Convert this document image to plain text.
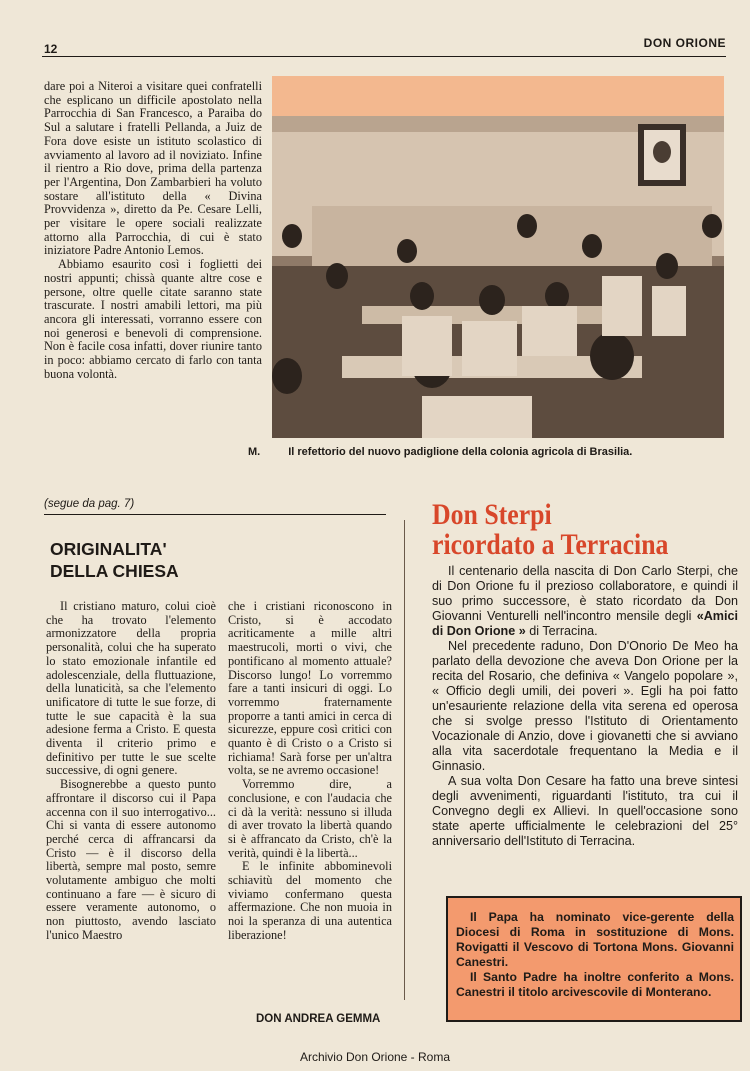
12	DON ORIONE

dare poi a Niteroi a visitare quei confratelli che esplicano un difficile apostolato nella Parrocchia di San Francesco, a Paraiba do Sul a salutare i fratelli Pellanda, a Juiz de Fora dove esiste un istituto scolastico di avviamento al lavoro ad il noviziato. Infine il rientro a Rio dove, prima della partenza per l'Argentina, Don Zambarbieri ha voluto sostare all'istituto della « Divina Provvidenza », diretto da Pe. Cesare Lelli, per visitare le opere sociali realizzate attorno alla Parrocchia, di cui è stato iniziatore Padre Antonio Lemos.

Abbiamo esaurito così i foglietti dei nostri appunti; chissà quante altre cose e persone, oltre quelle citate saranno state trascurate. I nostri amabili lettori, ma più ancora gli interessati, vorranno essere con noi generosi e benevoli di comprensione. Non è facile cosa infatti, dover riunire tanto in poco: abbiamo cercato di farlo con tanta buona volontà.

M.	Il refettorio del nuovo padiglione della colonia agricola di Brasilia.
(segue da pag. 7)
ORIGINALITA'
DELLA CHIESA

Il cristiano maturo, colui cioè che ha trovato l'elemento armonizzatore della propria personalità, colui che ha superato lo stato emozionale infantile ed adolescenziale, della fluttuazione, della lunaticità, sa che l'elemento unificatore di tutte le sue forze, di tutte le sue capacità è la sua adesione ferma a Cristo. E questa diventa il criterio primo e definitivo per tutte le sue scelte successive, di ogni genere.

Bisognerebbe a questo punto affrontare il discorso cui il Papa accenna con il suo interrogativo... Chi si vanta di essere autonomo perché cerca di affrancarsi da Cristo — è il discorso della libertà, sempre mal posto, semre volutamente ambiguo che molti continuano a fare — è sicuro di essere veramente autonomo, o non piuttosto, avendo lasciato l'unico Maestro

che i cristiani riconoscono in Cristo, si è accodato acriticamente a mille altri maestrucoli, morti o vivi, che pontificano al momento attuale? Discorso lungo! Lo vorremmo fare a tanti insicuri di oggi. Lo vorremmo fraternamente proporre a tanti amici in cerca di sicurezze, eppure così critici con quanto è di Cristo o a Cristo si richiama! Sarà forse per un'altra volta, se ne avremo occasione!

Vorremmo dire, a conclusione, e con l'audacia che ci dà la verità: nessuno si illuda di aver trovato la libertà quando si è affrancato da Cristo, ch'è la verità, quindi è la libertà...

E le infinite abbominevoli schiavitù del momento che viviamo confermano questa affermazione. Che non muoia in noi la speranza di una autentica liberazione!

DON ANDREA GEMMA
Don Sterpi
ricordato a Terracina

Il centenario della nascita di Don Carlo Sterpi, che di Don Orione fu il prezioso collaboratore, e quindi il suo primo successore, è stato ricordato da Don Giovanni Venturelli nell'incontro mensile degli «Amici di Don Orione » di Terracina.

Nel precedente raduno, Don D'Onorio De Meo ha parlato della devozione che aveva Don Orione per la recita del Rosario, che definiva « Vangelo popolare », « Officio degli umili, dei poveri ». Egli ha poi fatto un'esauriente relazione della vita serena ed operosa che si svolge presso l'Istituto di Orientamento Vocazionale di Anzio, dove i giovanetti che si avviano alla vita sacerdotale frequentano la Media e il Ginnasio.

A sua volta Don Cesare ha fatto una breve sintesi degli avvenimenti, riguardanti l'istituto, tra cui il Convegno degli ex Allievi. In quell'occasione sono state aperte ufficialmente le celebrazioni del 25° anniversario dell'Istituto di Terracina.

Il Papa ha nominato vice-gerente della Diocesi di Roma in sostituzione di Mons. Rovigatti il Vescovo di Tortona Mons. Giovanni Canestri.

Il Santo Padre ha inoltre conferito a Mons. Canestri il titolo arcivescovile di Monterano.

Archivio Don Orione - Roma
